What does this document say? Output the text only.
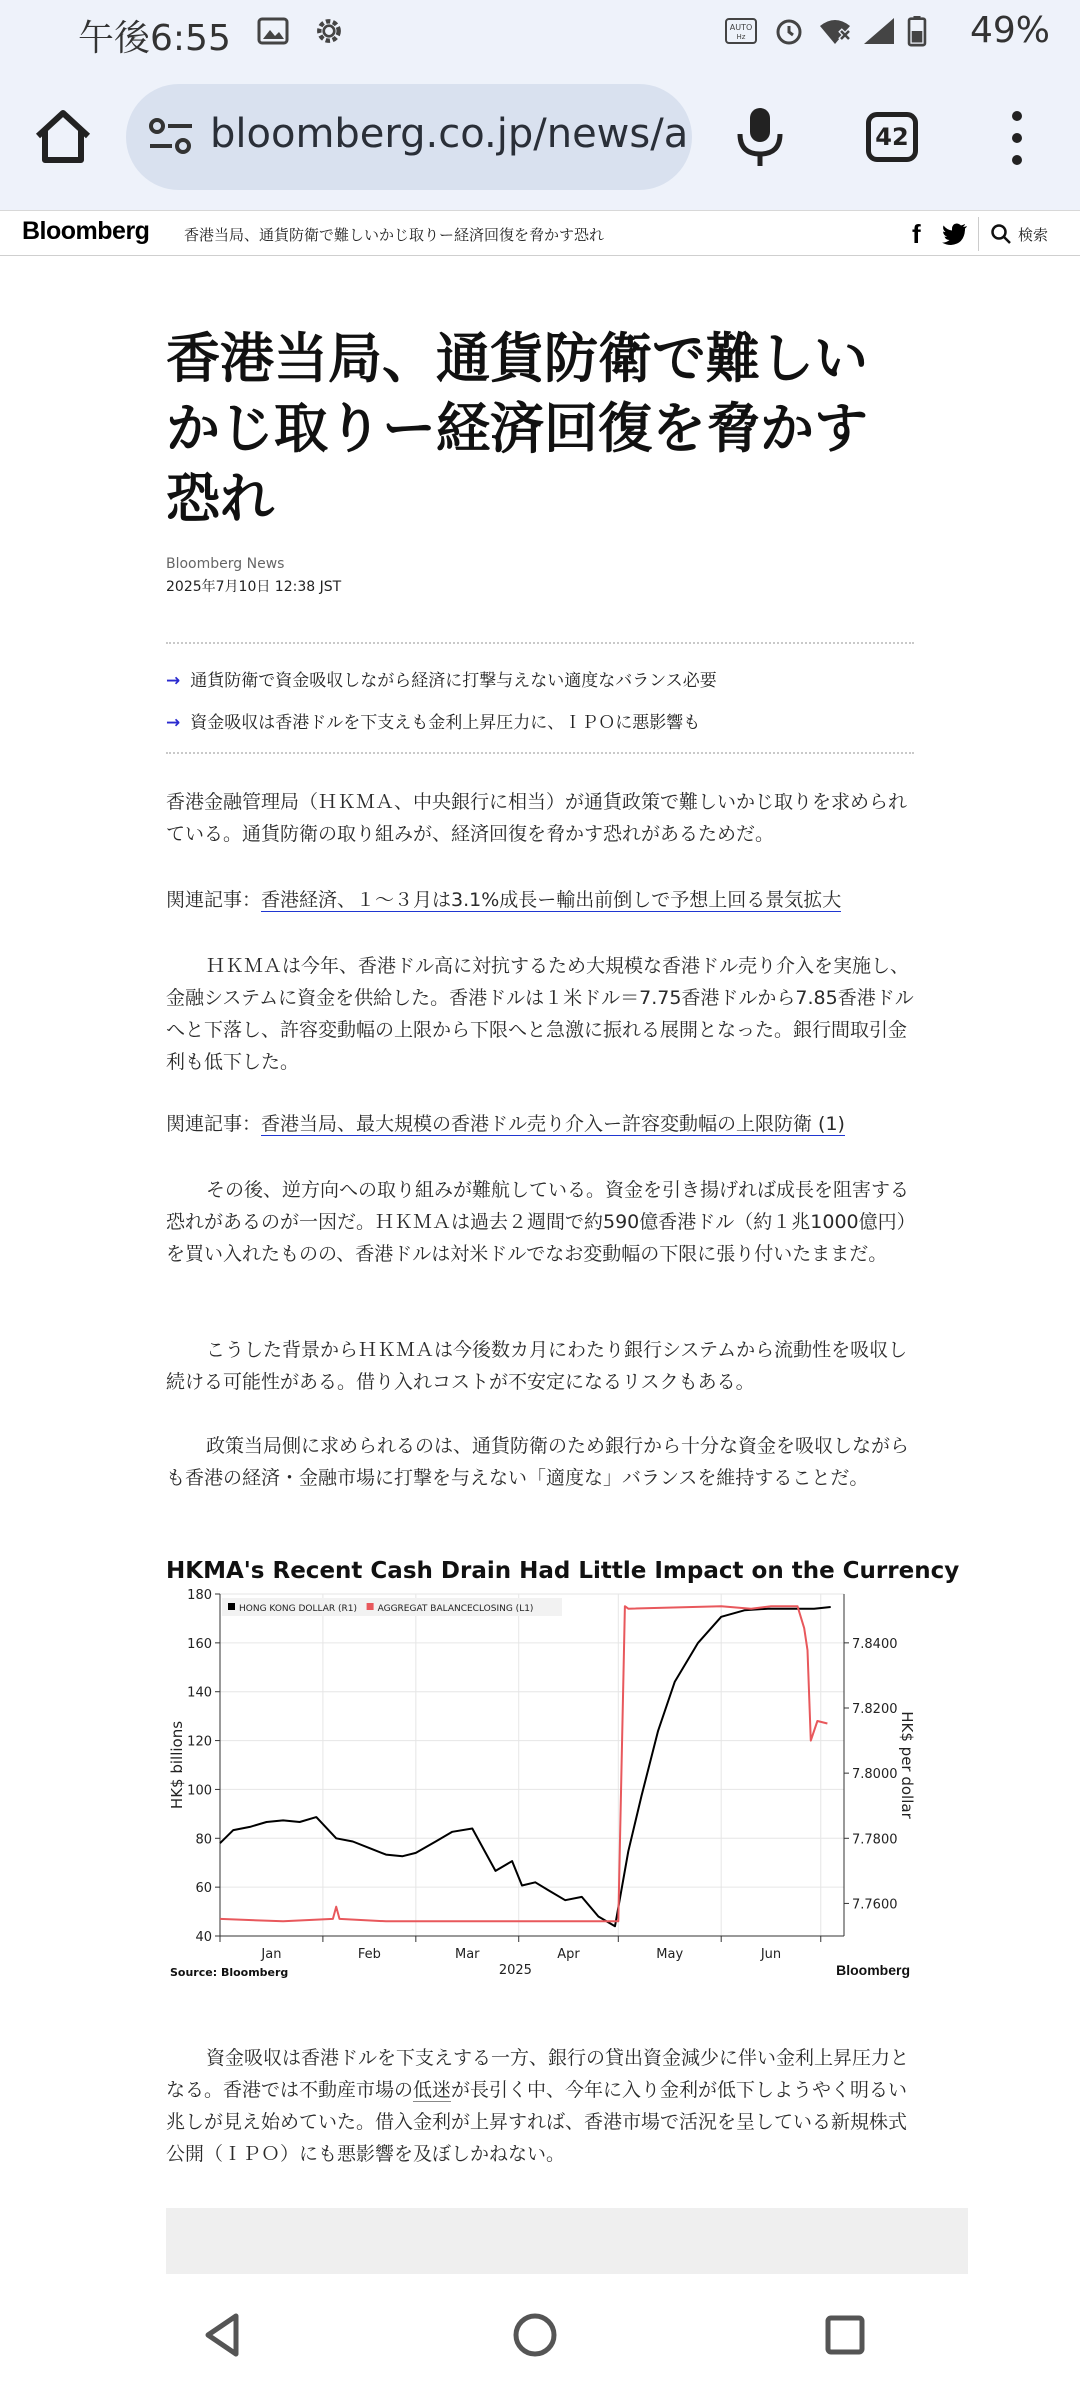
午後6:55	AUTO
Hz	49%
bloomberg.co.jp/news/a	42
Bloomberg 香港当局、通貨防衛で難しいかじ取りー経済回復を脅かす恐れ	f	検索
香港当局、通貨防衛で難しいかじ取りー経済回復を脅かす恐れ
Bloomberg News
2025年7月10日 12:38 JST
→ 通貨防衛で資金吸収しながら経済に打撃与えない適度なバランス必要
→ 資金吸収は香港ドルを下支えも金利上昇圧力に、ＩＰＯに悪影響も

香港金融管理局（ＨＫＭＡ、中央銀行に相当）が通貨政策で難しいかじ取りを求められている。通貨防衛の取り組みが、経済回復を脅かす恐れがあるためだ。

関連記事：香港経済、１～３月は3.1%成長ー輸出前倒しで予想上回る景気拡大

ＨＫＭＡは今年、香港ドル高に対抗するため大規模な香港ドル売り介入を実施し、金融システムに資金を供給した。香港ドルは１米ドル＝7.75香港ドルから7.85香港ドルへと下落し、許容変動幅の上限から下限へと急激に振れる展開となった。銀行間取引金利も低下した。

関連記事：香港当局、最大規模の香港ドル売り介入ー許容変動幅の上限防衛 (1)

その後、逆方向への取り組みが難航している。資金を引き揚げれば成長を阻害する恐れがあるのが一因だ。ＨＫＭＡは過去２週間で約590億香港ドル（約１兆1000億円）を買い入れたものの、香港ドルは対米ドルでなお変動幅の下限に張り付いたままだ。

こうした背景からＨＫＭＡは今後数カ月にわたり銀行システムから流動性を吸収し続ける可能性がある。借り入れコストが不安定になるリスクもある。

政策当局側に求められるのは、通貨防衛のため銀行から十分な資金を吸収しながらも香港の経済・金融市場に打撃を与えない「適度な」バランスを維持することだ。

資金吸収は香港ドルを下支えする一方、銀行の貸出資金減少に伴い金利上昇圧力となる。香港では不動産市場の低迷が長引く中、今年に入り金利が低下しようやく明るい兆しが見え始めていた。借入金利が上昇すれば、香港市場で活況を呈している新規株式公開（ＩＰＯ）にも悪影響を及ぼしかねない。

40
60
80
100
120
140
160
180
Jan	Feb	Mar	Apr	May	Jun
2025
7.7600
7.7800
7.8000
7.8200
7.8400
HK$ billions	HK$ per dollar
HONG KONG DOLLAR (R1) AGGREGAT BALANCECLOSING (L1)
HKMA's Recent Cash Drain Had Little Impact on the Currency
Source: Bloomberg	Bloomberg
